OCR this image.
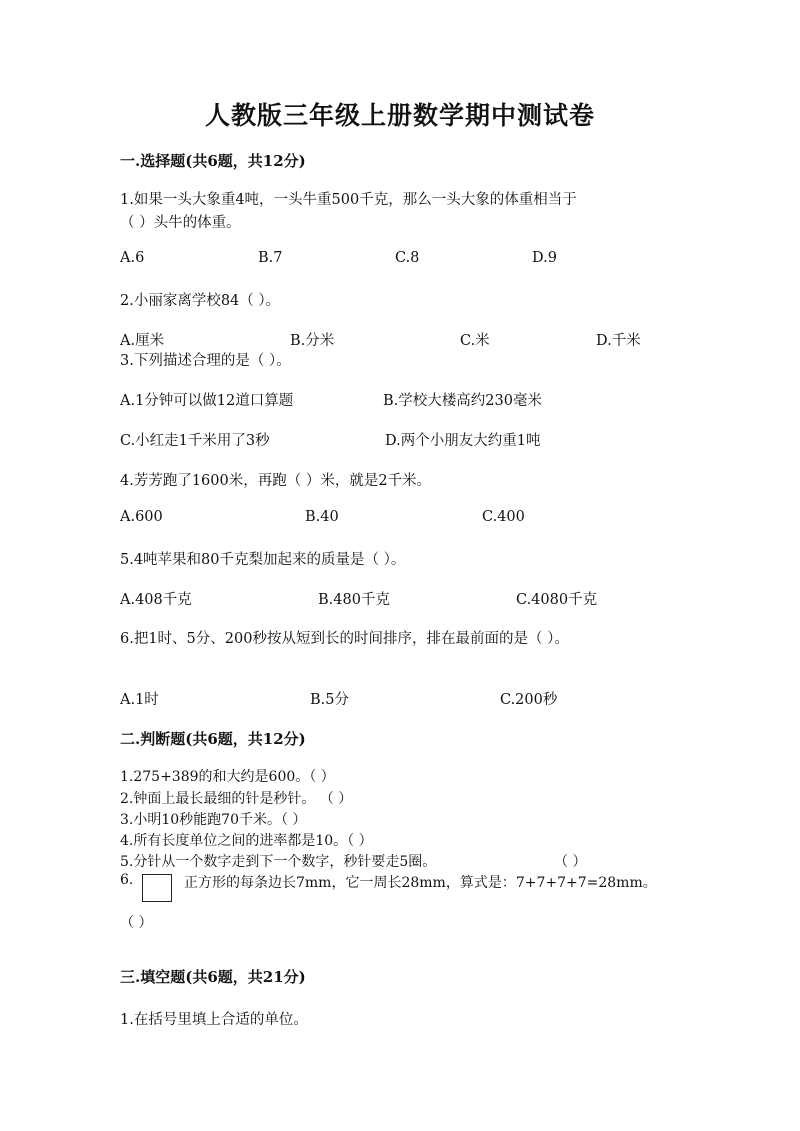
人教版三年级上册数学期中测试卷
一.选择题(共6题，共12分)
1.如果一头大象重4吨，一头牛重500千克，那么一头大象的体重相当于
（ ）头牛的体重。
A.6	B.7	C.8	D.9
2.小丽家离学校84（ ）。
A.厘米	B.分米	C.米	D.千米
3.下列描述合理的是（ ）。
A.1分钟可以做12道口算题	B.学校大楼高约230毫米
C.小红走1千米用了3秒	D.两个小朋友大约重1吨
4.芳芳跑了1600米，再跑（ ）米，就是2千米。
A.600	B.40	C.400
5.4吨苹果和80千克梨加起来的质量是（ ）。
A.408千克	B.480千克	C.4080千克
6.把1时、5分、200秒按从短到长的时间排序，排在最前面的是（ ）。
A.1时	B.5分	C.200秒
二.判断题(共6题，共12分)
1.275+389的和大约是600。（ ）
2.钟面上最长最细的针是秒针。 （ ）
3.小明10秒能跑70千米。（ ）
4.所有长度单位之间的进率都是10。（ ）
5.分针从一个数字走到下一个数字，秒针要走5圈。	（ ）
6.	正方形的每条边长7mm，它一周长28mm，算式是：7+7+7+7=28mm。
（ ）
三.填空题(共6题，共21分)
1.在括号里填上合适的单位。
